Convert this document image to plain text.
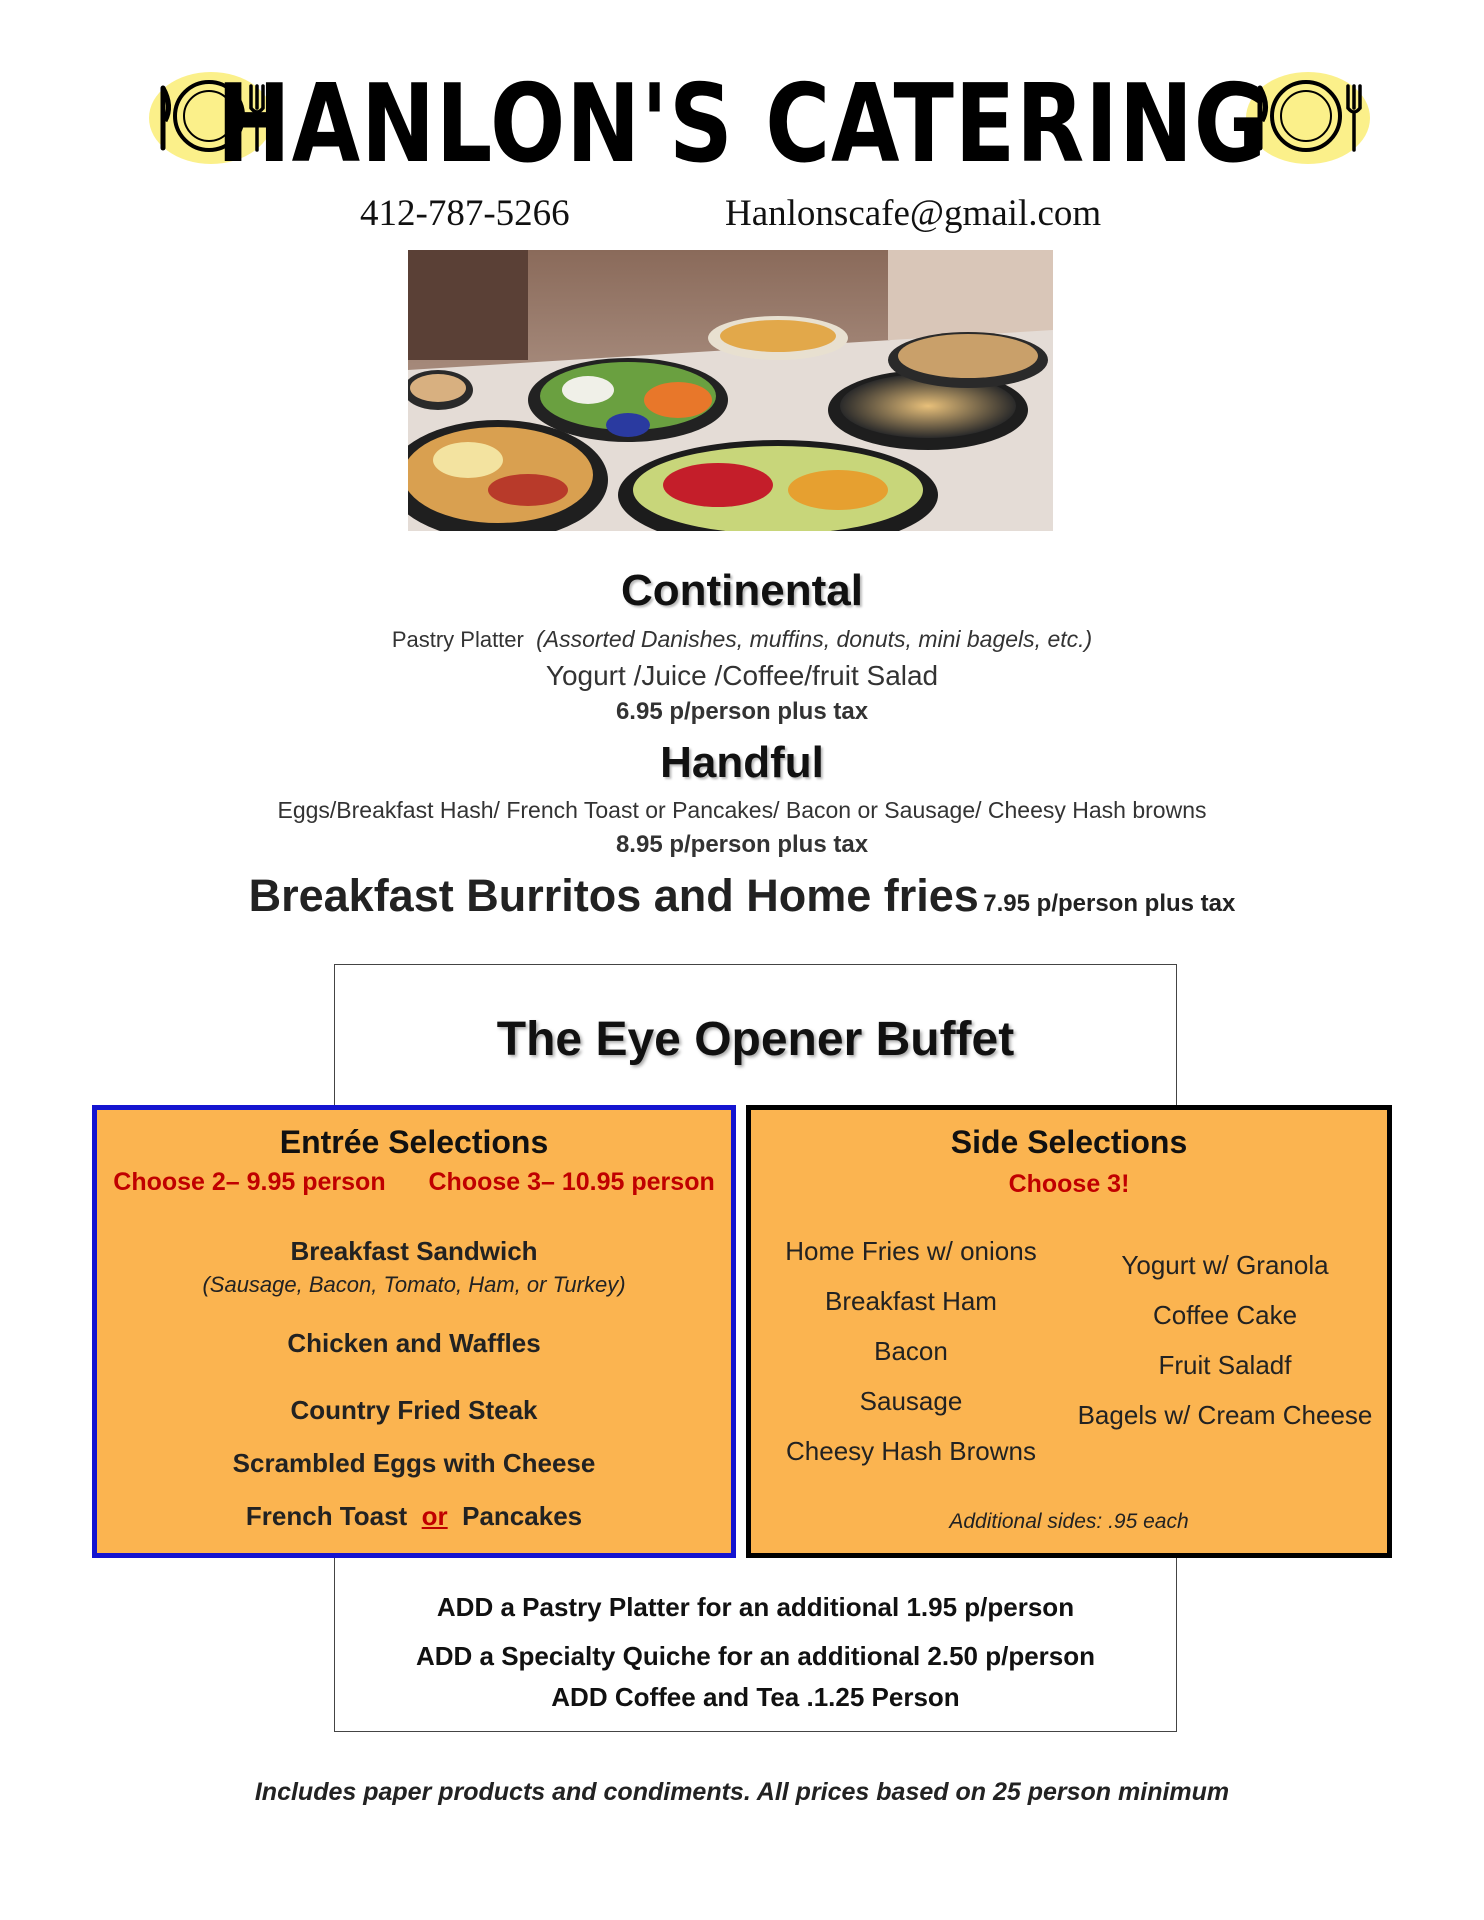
HANLON'S CATERING
412-787-5266	Hanlonscafe@gmail.com
Continental
Pastry Platter (Assorted Danishes, muffins, donuts, mini bagels, etc.)
Yogurt /Juice /Coffee/fruit Salad
6.95 p/person plus tax
Handful
Eggs/Breakfast Hash/ French Toast or Pancakes/ Bacon or Sausage/ Cheesy Hash browns
8.95 p/person plus tax
Breakfast Burritos and Home fries 7.95 p/person plus tax
The Eye Opener Buffet
Entrée Selections
Choose 2– 9.95 person Choose 3– 10.95 person
Breakfast Sandwich
(Sausage, Bacon, Tomato, Ham, or Turkey)
Chicken and Waffles
Country Fried Steak
Scrambled Eggs with Cheese
French Toast or Pancakes
Side Selections
Choose 3!
Home Fries w/ onions
Breakfast Ham
Bacon
Sausage
Cheesy Hash Browns
Yogurt w/ Granola
Coffee Cake
Fruit Saladf
Bagels w/ Cream Cheese
Additional sides: .95 each
ADD a Pastry Platter for an additional 1.95 p/person
ADD a Specialty Quiche for an additional 2.50 p/person
ADD Coffee and Tea .1.25 Person
Includes paper products and condiments. All prices based on 25 person minimum
